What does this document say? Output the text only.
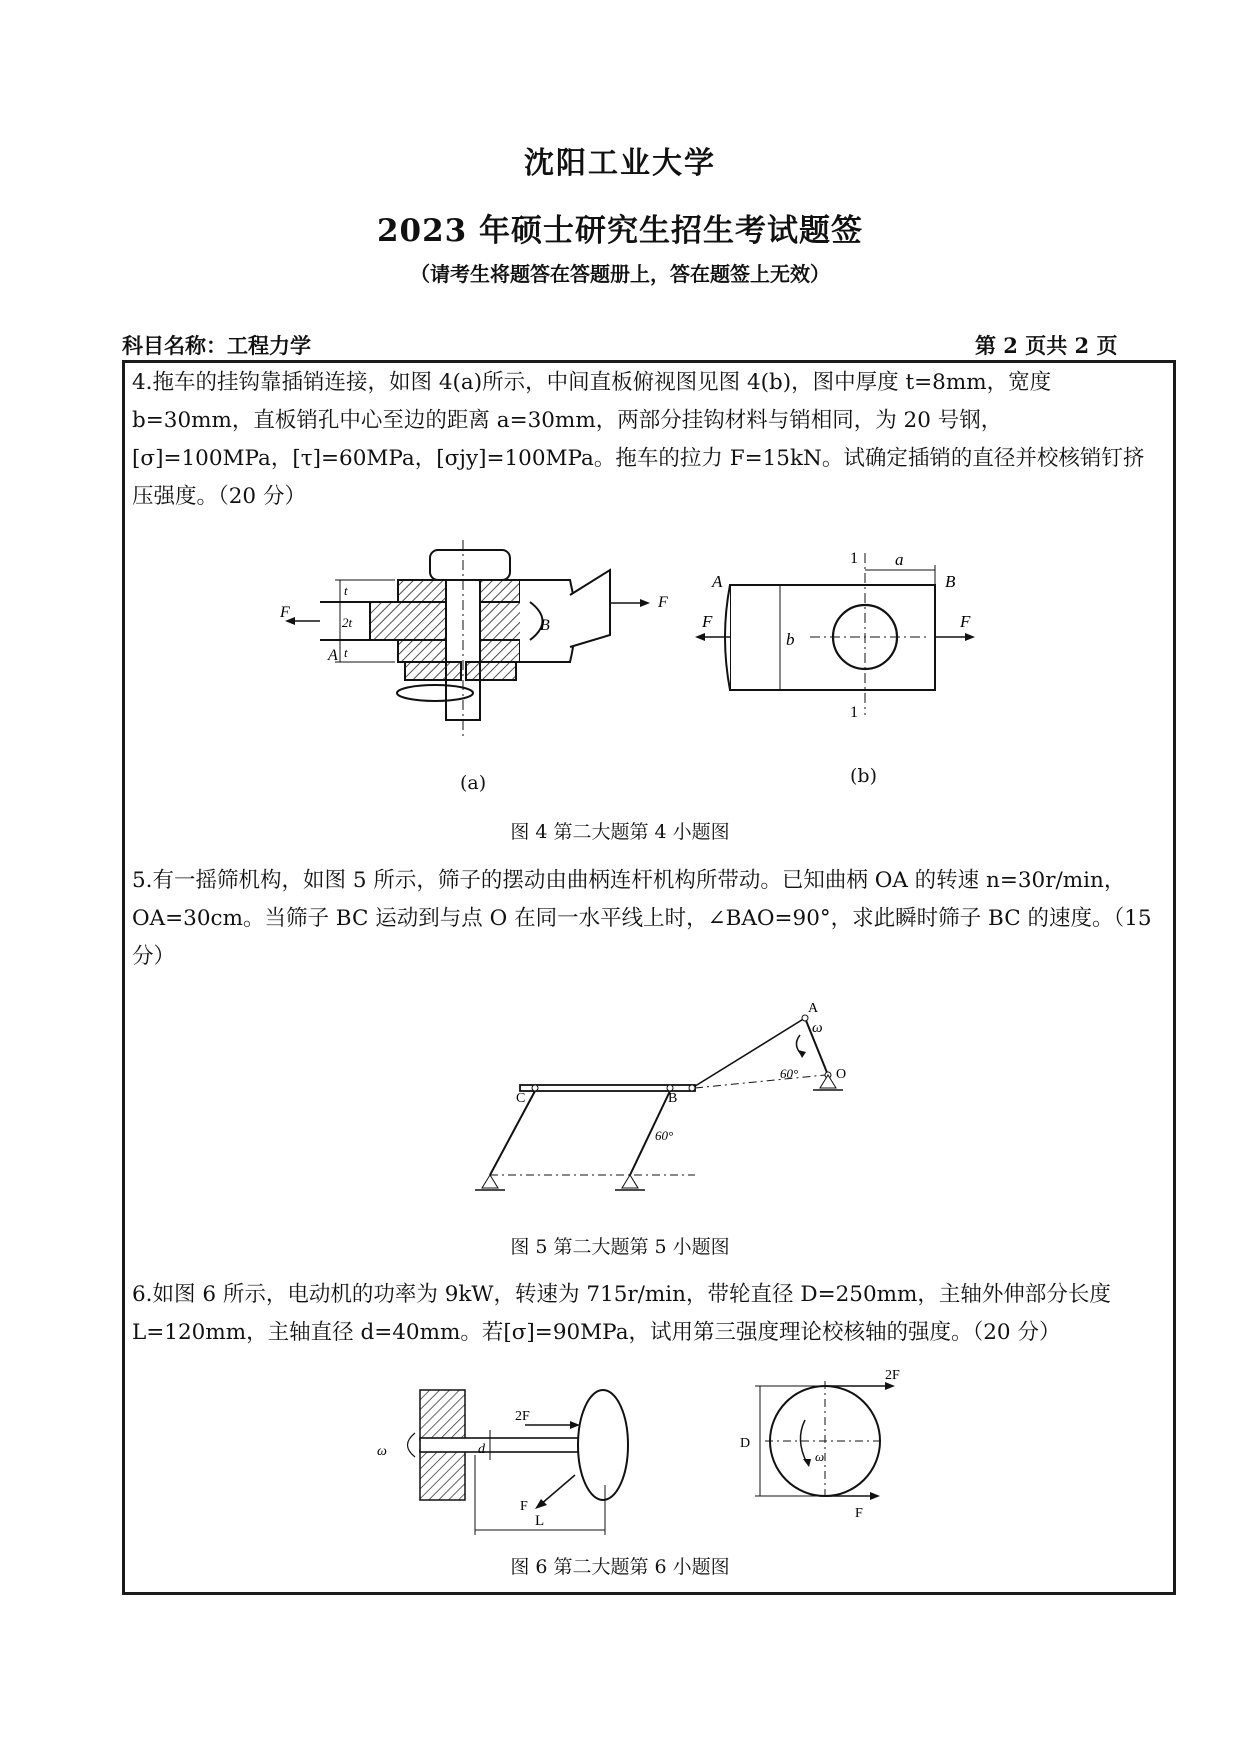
沈阳工业大学
2023 年硕士研究生招生考试题签
（请考生将题答在答题册上，答在题签上无效）
科目名称：工程力学	第 2 页共 2 页
4.拖车的挂钩靠插销连接，如图 4(a)所示，中间直板俯视图见图 4(b)，图中厚度 t=8mm，宽度 b=30mm，直板销孔中心至边的距离 a=30mm，两部分挂钩材料与销相同，为 20 号钢，[σ]=100MPa，[τ]=60MPa，[σjy]=100MPa。拖车的拉力 F=15kN。试确定插销的直径并校核销钉挤压强度。（20 分）
F
F
A
B
t
2t
t
A	B
F	F
a
b
1
1
(a)	(b)
图 4 第二大题第 4 小题图
5.有一摇筛机构，如图 5 所示，筛子的摆动由曲柄连杆机构所带动。已知曲柄 OA 的转速 n=30r/min，OA=30cm。当筛子 BC 运动到与点 O 在同一水平线上时，∠BAO=90°，求此瞬时筛子 BC 的速度。（15 分）
A
B
C
O
ω
60°
60°
图 5 第二大题第 5 小题图
6.如图 6 所示，电动机的功率为 9kW，转速为 715r/min，带轮直径 D=250mm，主轴外伸部分长度 L=120mm，主轴直径 d=40mm。若[σ]=90MPa，试用第三强度理论校核轴的强度。（20 分）
2F
F
d
L
ω
2F
F
D
ω
图 6 第二大题第 6 小题图
